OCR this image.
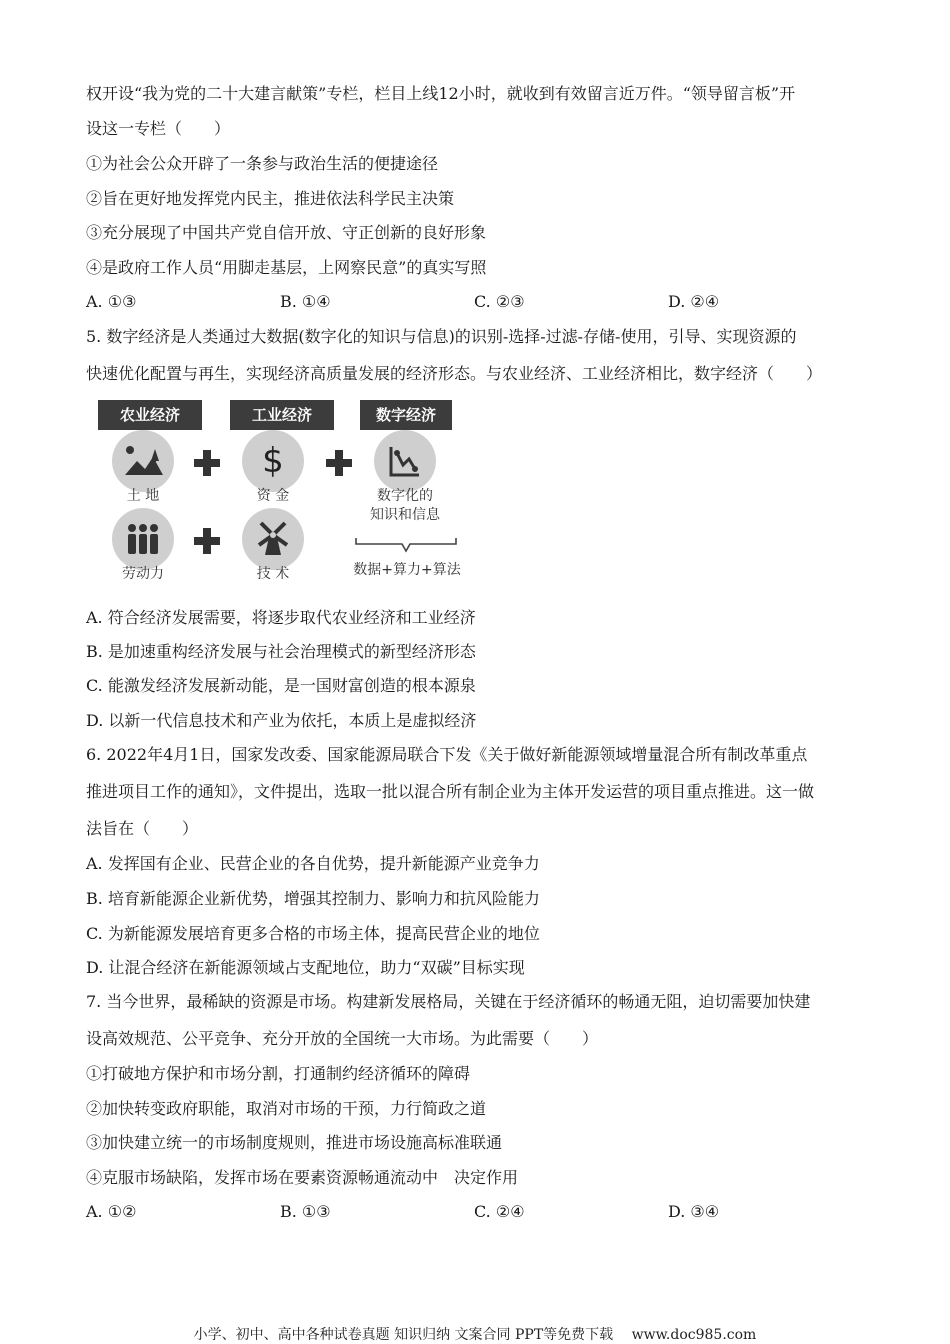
权开设“我为党的二十大建言献策”专栏，栏目上线12小时，就收到有效留言近万件。“领导留言板”开
设这一专栏（　　）
①为社会公众开辟了一条参与政治生活的便捷途径
②旨在更好地发挥党内民主，推进依法科学民主决策
③充分展现了中国共产党自信开放、守正创新的良好形象
④是政府工作人员“用脚走基层，上网察民意”的真实写照
A. ①③	B. ①④	C. ②③	D. ②④
5. 数字经济是人类通过大数据(数字化的知识与信息)的识别-选择-过滤-存储-使用，引导、实现资源的
快速优化配置与再生，实现经济高质量发展的经济形态。与农业经济、工业经济相比，数字经济（　　）
农业经济	工业经济	数字经济
$
土 地	资 金	数字化的
知识和信息
劳动力	技 术	数据+算力+算法
A. 符合经济发展需要，将逐步取代农业经济和工业经济
B. 是加速重构经济发展与社会治理模式的新型经济形态
C. 能激发经济发展新动能，是一国财富创造的根本源泉
D. 以新一代信息技术和产业为依托，本质上是虚拟经济
6. 2022年4月1日，国家发改委、国家能源局联合下发《关于做好新能源领域增量混合所有制改革重点
推进项目工作的通知》，文件提出，选取一批以混合所有制企业为主体开发运营的项目重点推进。这一做
法旨在（　　）
A. 发挥国有企业、民营企业的各自优势，提升新能源产业竞争力
B. 培育新能源企业新优势，增强其控制力、影响力和抗风险能力
C. 为新能源发展培育更多合格的市场主体，提高民营企业的地位
D. 让混合经济在新能源领域占支配地位，助力“双碳”目标实现
7. 当今世界，最稀缺的资源是市场。构建新发展格局，关键在于经济循环的畅通无阻，迫切需要加快建
设高效规范、公平竞争、充分开放的全国统一大市场。为此需要（　　）
①打破地方保护和市场分割，打通制约经济循环的障碍
②加快转变政府职能，取消对市场的干预，力行简政之道
③加快建立统一的市场制度规则，推进市场设施高标准联通
④克服市场缺陷，发挥市场在要素资源畅通流动中　决定作用
A. ①②	B. ①③	C. ②④	D. ③④
小学、初中、高中各种试卷真题 知识归纳 文案合同 PPT等免费下载　 www.doc985.com
